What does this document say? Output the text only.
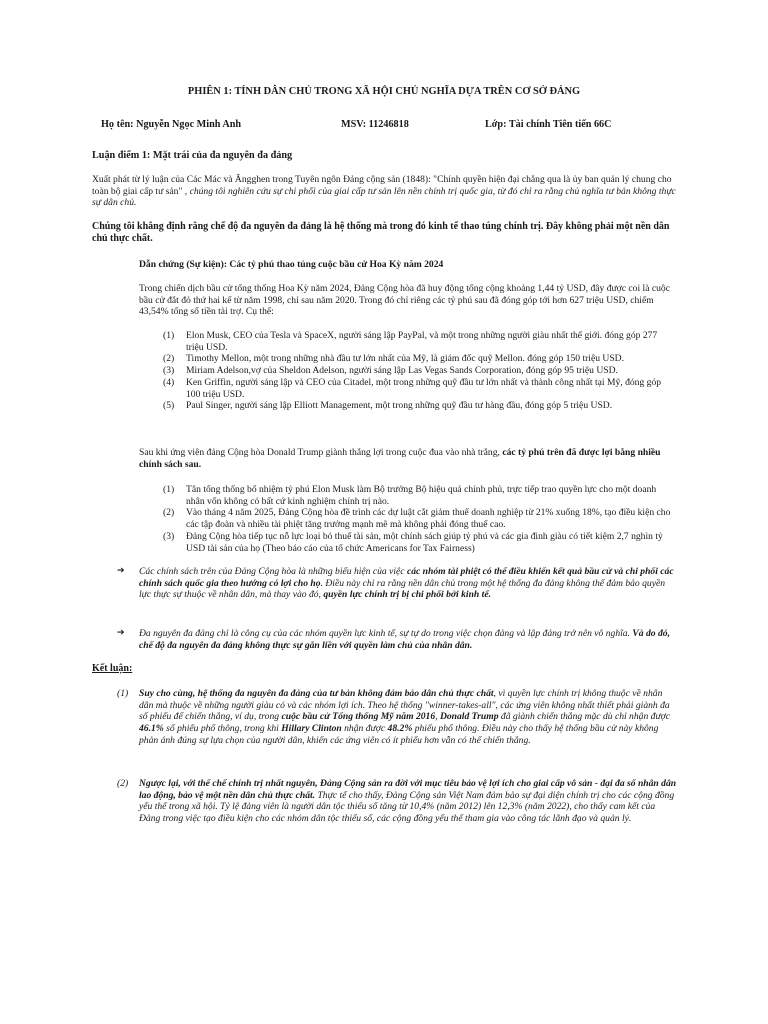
PHIÊN 1: TÍNH DÂN CHỦ TRONG XÃ HỘI CHỦ NGHĨA DỰA TRÊN CƠ SỞ ĐẢNG
Họ tên: Nguyễn Ngọc Minh Anh	MSV: 11246818	Lớp: Tài chính Tiên tiến 66C
Luận điểm 1: Mặt trái của đa nguyên đa đảng

Xuất phát từ lý luận của Các Mác và Ăngghen trong Tuyên ngôn Đảng cộng sản (1848): "Chính quyền hiện đại chẳng qua là ủy ban quản lý chung cho toàn bộ giai cấp tư sản" , chúng tôi nghiên cứu sự chi phối của giai cấp tư sản lên nền chính trị quốc gia, từ đó chỉ ra rằng chủ nghĩa tư bản không thực sự dân chủ.

Chúng tôi khẳng định rằng chế độ đa nguyên đa đảng là hệ thống mà trong đó kinh tế thao túng chính trị. Đây không phải một nền dân chủ thực chất.

Dẫn chứng (Sự kiện): Các tỷ phú thao túng cuộc bầu cử Hoa Kỳ năm 2024

Trong chiến dịch bầu cử tổng thống Hoa Kỳ năm 2024, Đảng Cộng hòa đã huy động tổng cộng khoảng 1,44 tỷ USD, đây được coi là cuộc bầu cử đắt đỏ thứ hai kể từ năm 1998, chỉ sau năm 2020. Trong đó chỉ riêng các tỷ phú sau đã đóng góp tới hơn 627 triệu USD, chiếm 43,54% tổng số tiền tài trợ. Cụ thể:

(1) Elon Musk, CEO của Tesla và SpaceX, người sáng lập PayPal, và một trong những người giàu nhất thế giới. đóng góp 277 triệu USD.
(2) Timothy Mellon, một trong những nhà đầu tư lớn nhất của Mỹ, là giám đốc quỹ Mellon. đóng góp 150 triệu USD.
(3) Miriam Adelson,vợ của Sheldon Adelson, người sáng lập Las Vegas Sands Corporation, đóng góp 95 triệu USD.
(4) Ken Griffin, người sáng lập và CEO của Citadel, một trong những quỹ đầu tư lớn nhất và thành công nhất tại Mỹ, đóng góp 100 triệu USD.
(5) Paul Singer, người sáng lập Elliott Management, một trong những quỹ đầu tư hàng đầu, đóng góp 5 triệu USD.

Sau khi ứng viên đảng Cộng hòa Donald Trump giành thắng lợi trong cuộc đua vào nhà trắng, các tỷ phú trên đã được lợi bằng nhiều chính sách sau.

(1) Tân tổng thống bổ nhiệm tỷ phú Elon Musk làm Bộ trưởng Bộ hiệu quả chính phủ, trực tiếp trao quyền lực cho một doanh nhân vốn không có bất cứ kinh nghiệm chính trị nào.
(2) Vào tháng 4 năm 2025, Đảng Cộng hòa đề trình các dự luật cắt giảm thuế doanh nghiệp từ 21% xuống 18%, tạo điều kiện cho các tập đoàn và nhiều tài phiệt tăng trưởng mạnh mẽ mà không phải đóng thuế cao.
(3) Đảng Cộng hòa tiếp tục nỗ lực loại bỏ thuế tài sản, một chính sách giúp tỷ phú và các gia đình giàu có tiết kiệm 2,7 nghìn tỷ USD tài sản của họ (Theo báo cáo của tổ chức Americans for Tax Fairness)
➔ Các chính sách trên của Đảng Cộng hòa là những biểu hiện của việc các nhóm tài phiệt có thể điều khiển kết quả bầu cử và chi phối các chính sách quốc gia theo hướng có lợi cho họ. Điều này chỉ ra rằng nền dân chủ trong một hệ thống đa đảng không thể đảm bảo quyền lực thực sự thuộc về nhân dân, mà thay vào đó, quyền lực chính trị bị chi phối bởi kinh tế.

➔ Đa nguyên đa đảng chỉ là công cụ của các nhóm quyền lực kinh tế, sự tự do trong việc chọn đảng và lập đảng trở nên vô nghĩa. Và do đó, chế độ đa nguyên đa đảng không thực sự gắn liền với quyền làm chủ của nhân dân.

Kết luận:
(1) Suy cho cùng, hệ thống đa nguyên đa đảng của tư bản không đảm bảo dân chủ thực chất, vì quyền lực chính trị không thuộc về nhân dân mà thuộc về những người giàu có và các nhóm lợi ích. Theo hệ thống "winner-takes-all", các ứng viên không nhất thiết phải giành đa số phiếu để chiến thắng, ví dụ, trong cuộc bầu cử Tổng thống Mỹ năm 2016, Donald Trump đã giành chiến thắng mặc dù chỉ nhận được 46.1% số phiếu phổ thông, trong khi Hillary Clinton nhận được 48.2% phiếu phổ thông. Điều này cho thấy hệ thống bầu cử này không phản ánh đúng sự lựa chọn của người dân, khiến các ứng viên có ít phiếu hơn vẫn có thể chiến thắng.

(2) Ngược lại, với thể chế chính trị nhất nguyên, Đảng Cộng sản ra đời với mục tiêu bảo vệ lợi ích cho giai cấp vô sản - đại đa số nhân dân lao động, bảo vệ một nền dân chủ thực chất. Thực tế cho thấy, Đảng Cộng sản Việt Nam đảm bảo sự đại diện chính trị cho các cộng đồng yếu thế trong xã hội. Tỷ lệ đảng viên là người dân tộc thiểu số tăng từ 10,4% (năm 2012) lên 12,3% (năm 2022), cho thấy cam kết của Đảng trong việc tạo điều kiện cho các nhóm dân tộc thiểu số, các cộng đồng yếu thế tham gia vào công tác lãnh đạo và quản lý.
